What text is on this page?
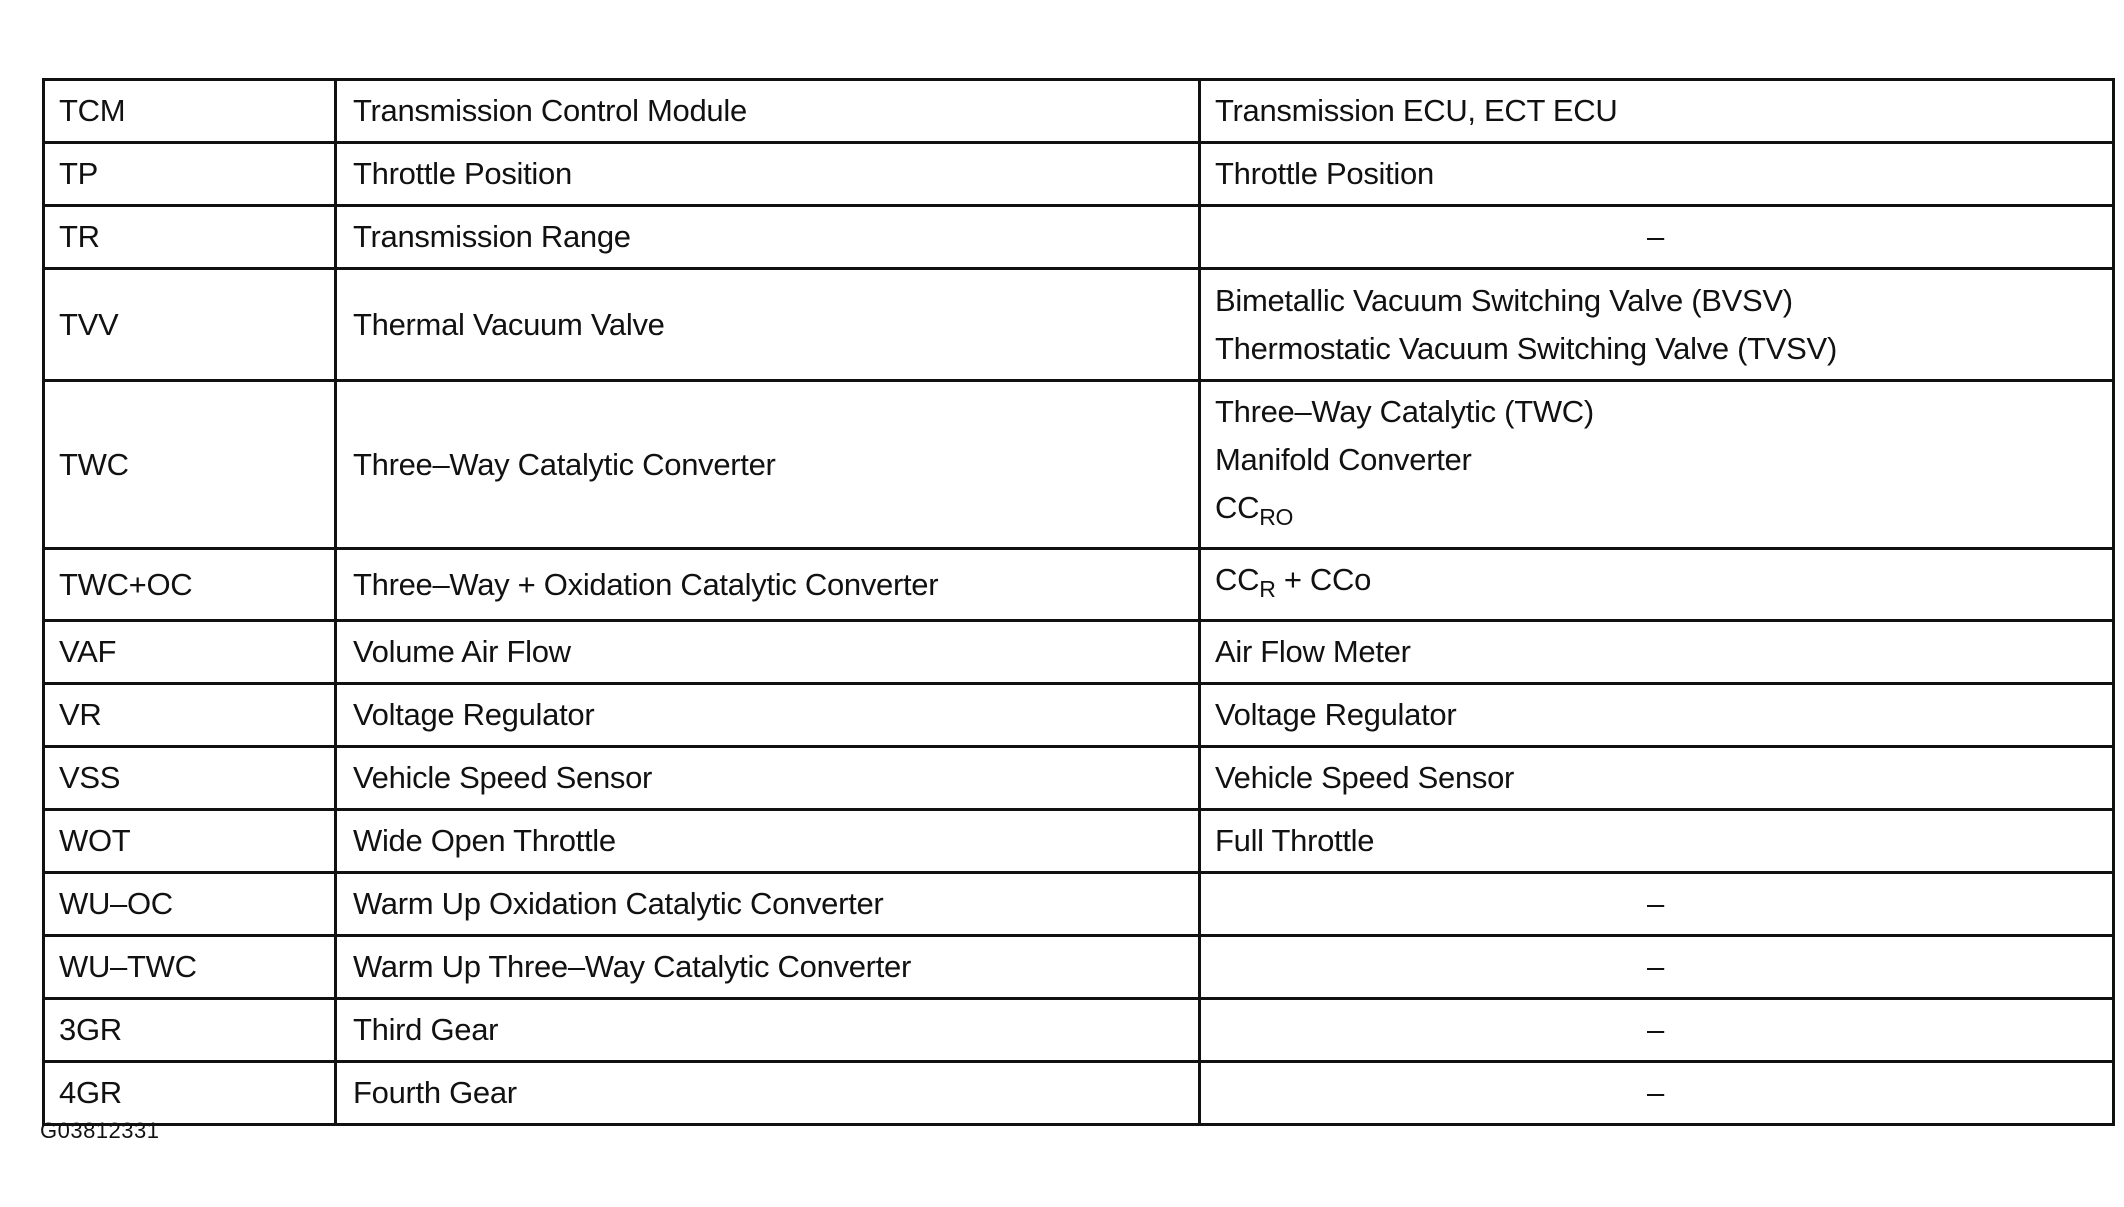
TCM	Transmission Control Module	Transmission ECU, ECT ECU
TP	Throttle Position	Throttle Position
TR	Transmission Range	–
TVV	Thermal Vacuum Valve	Bimetallic Vacuum Switching Valve (BVSV)
Thermostatic Vacuum Switching Valve (TVSV)

TWC	Three–Way Catalytic Converter	Three–Way Catalytic (TWC)
Manifold Converter
$CC_{RO}$

TWC+OC	Three–Way + Oxidation Catalytic Converter	$CC_R$ + CCo
VAF	Volume Air Flow	Air Flow Meter
VR	Voltage Regulator	Voltage Regulator
VSS	Vehicle Speed Sensor	Vehicle Speed Sensor
WOT	Wide Open Throttle	Full Throttle
WU–OC	Warm Up Oxidation Catalytic Converter	–
WU–TWC	Warm Up Three–Way Catalytic Converter	–
3GR	Third Gear	–
4GR	Fourth Gear	–
G03812331
